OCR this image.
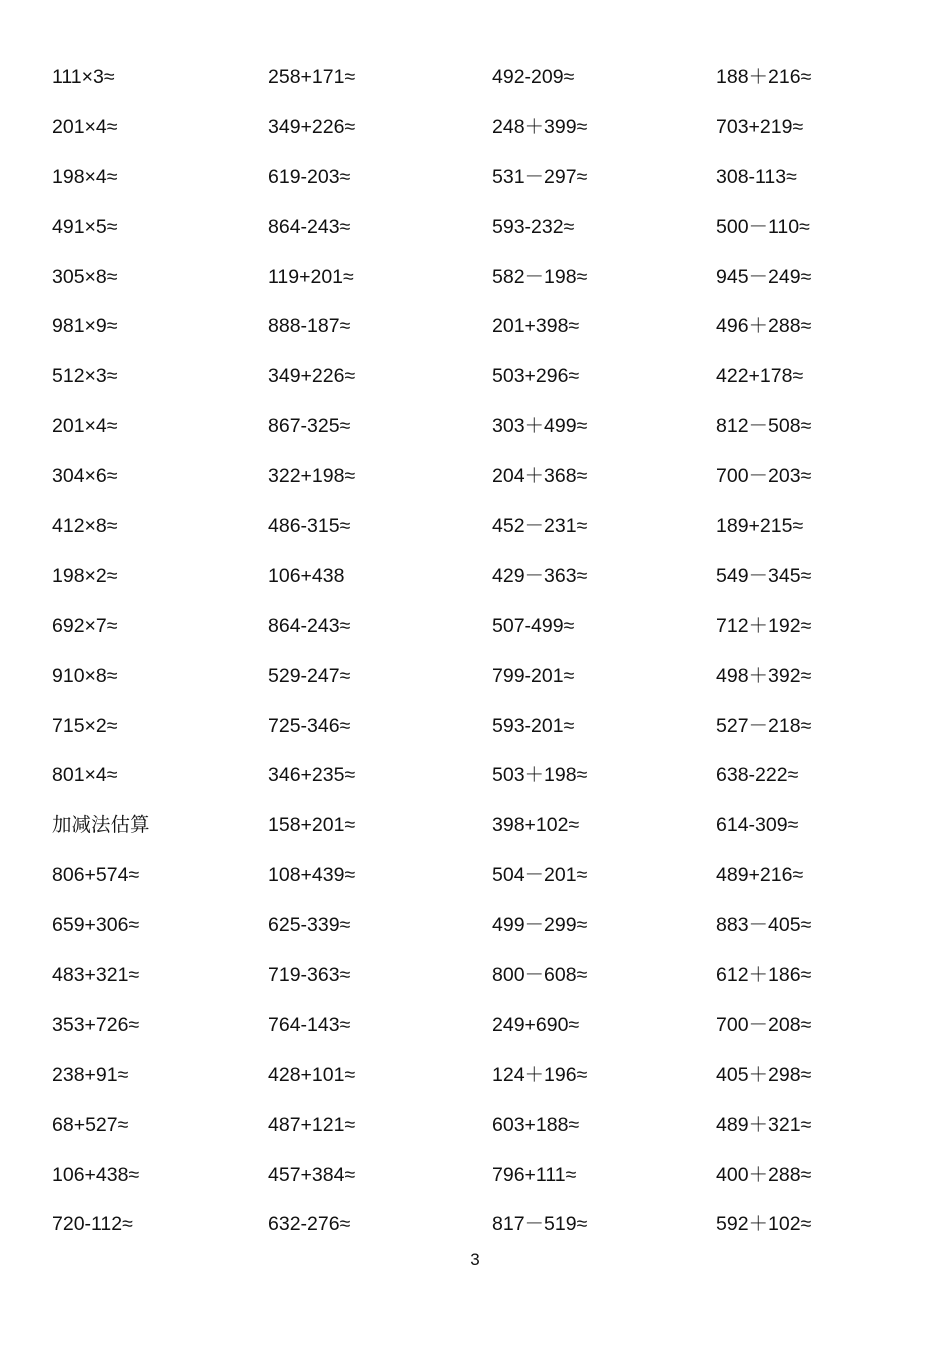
111×3≈	258+171≈	492-209≈	188＋216≈
201×4≈	349+226≈	248＋399≈	703+219≈
198×4≈	619-203≈	531－297≈	308-113≈
491×5≈	864-243≈	593-232≈	500－110≈
305×8≈	119+201≈	582－198≈	945－249≈
981×9≈	888-187≈	201+398≈	496＋288≈
512×3≈	349+226≈	503+296≈	422+178≈
201×4≈	867-325≈	303＋499≈	812－508≈
304×6≈	322+198≈	204＋368≈	700－203≈
412×8≈	486-315≈	452－231≈	189+215≈
198×2≈	106+438	429－363≈	549－345≈
692×7≈	864-243≈	507-499≈	712＋192≈
910×8≈	529-247≈	799-201≈	498＋392≈
715×2≈	725-346≈	593-201≈	527－218≈
801×4≈	346+235≈	503＋198≈	638-222≈
加减法估算	158+201≈	398+102≈	614-309≈
806+574≈	108+439≈	504－201≈	489+216≈
659+306≈	625-339≈	499－299≈	883－405≈
483+321≈	719-363≈	800－608≈	612＋186≈
353+726≈	764-143≈	249+690≈	700－208≈
238+91≈	428+101≈	124＋196≈	405＋298≈
68+527≈	487+121≈	603+188≈	489＋321≈
106+438≈	457+384≈	796+111≈	400＋288≈
720-112≈	632-276≈	817－519≈	592＋102≈
3
